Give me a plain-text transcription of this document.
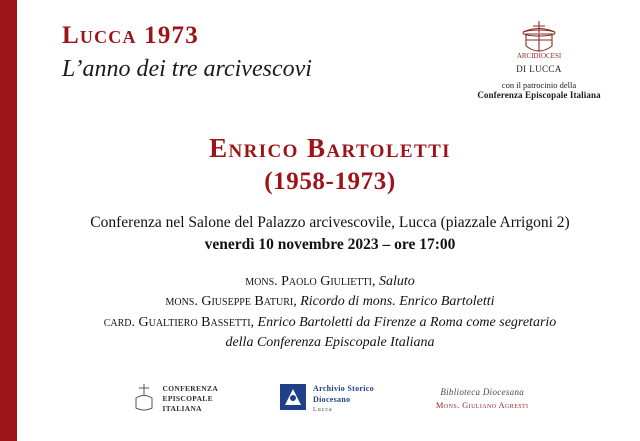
Lucca 1973
L’anno dei tre arcivescovi	ARCIDIOCESI
DI LUCCA
con il patrocinio della
Conferenza Episcopale Italiana
Enrico Bartoletti
(1958-1973)
Conferenza nel Salone del Palazzo arcivescovile, Lucca (piazzale Arrigoni 2)
venerdì 10 novembre 2023 – ore 17:00
mons. Paolo Giulietti, Saluto
mons. Giuseppe Baturi, Ricordo di mons. Enrico Bartoletti
card. Gualtiero Bassetti, Enrico Bartoletti da Firenze a Roma come segretario
della Conferenza Episcopale Italiana
CONFERENZA
EPISCOPALE
ITALIANA
Archivio Storico
Diocesano
Lucca
Biblioteca Diocesana
Mons. Giuliano Agresti
